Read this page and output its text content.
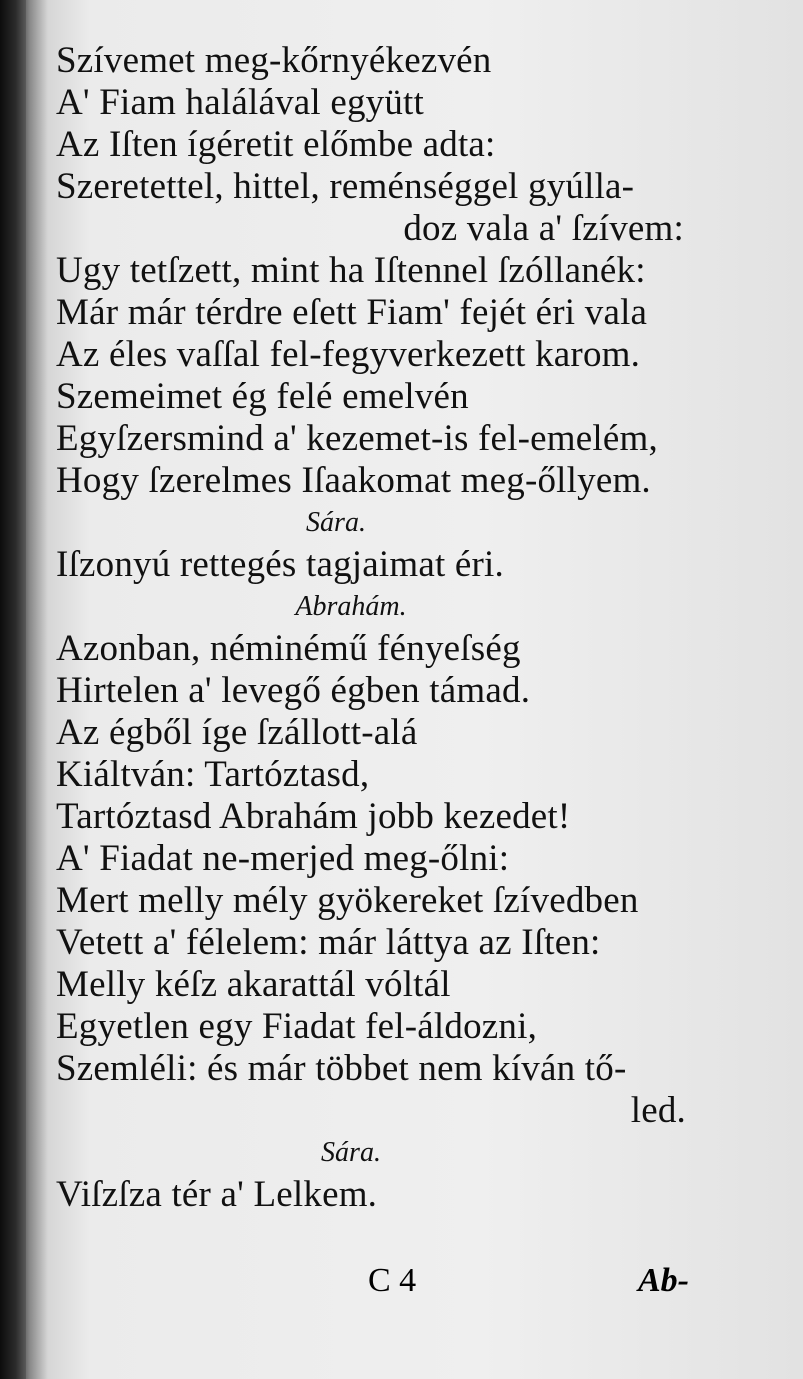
Szívemet meg-kőrnyékezvén
A' Fiam halálával együtt
Az Iſten ígéretit előmbe adta:
Szeretettel, hittel, reménséggel gyúlla-
doz vala a' ſzívem:
Ugy tetſzett, mint ha Iſtennel ſzóllanék:
Már már térdre eſett Fiam' fejét éri vala
Az éles vaſſal fel-fegyverkezett karom.
Szemeimet ég felé emelvén
Egyſzersmind a' kezemet-is fel-emelém,
Hogy ſzerelmes Iſaakomat meg-őllyem.
Sára.
Iſzonyú rettegés tagjaimat éri.
Abrahám.
Azonban, néminémű fényeſség
Hirtelen a' levegő égben támad.
Az égből íge ſzállott-alá
Kiáltván: Tartóztasd,
Tartóztasd Abrahám jobb kezedet!
A' Fiadat ne-merjed meg-őlni:
Mert melly mély gyökereket ſzívedben
Vetett a' félelem: már láttya az Iſten:
Melly kéſz akarattál vóltál
Egyetlen egy Fiadat fel-áldozni,
Szemléli: és már többet nem kíván tő-
led.
Sára.
Viſzſza tér a' Lelkem.
C 4	Ab-
